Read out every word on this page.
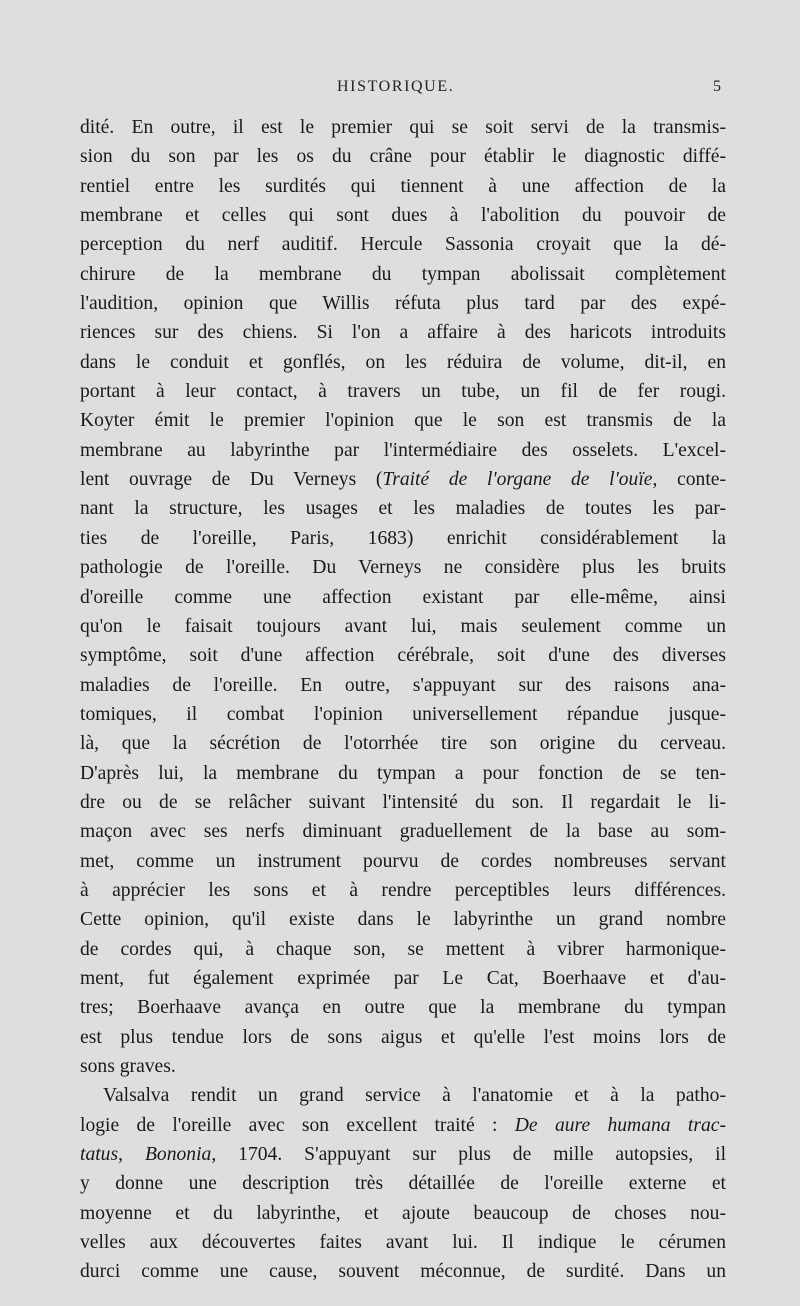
HISTORIQUE.	5
dité. En outre, il est le premier qui se soit servi de la transmis-
sion du son par les os du crâne pour établir le diagnostic diffé-
rentiel entre les surdités qui tiennent à une affection de la
membrane et celles qui sont dues à l'abolition du pouvoir de
perception du nerf auditif. Hercule Sassonia croyait que la dé-
chirure de la membrane du tympan abolissait complètement
l'audition, opinion que Willis réfuta plus tard par des expé-
riences sur des chiens. Si l'on a affaire à des haricots introduits
dans le conduit et gonflés, on les réduira de volume, dit-il, en
portant à leur contact, à travers un tube, un fil de fer rougi.
Koyter émit le premier l'opinion que le son est transmis de la
membrane au labyrinthe par l'intermédiaire des osselets. L'excel-
lent ouvrage de Du Verneys (Traité de l'organe de l'ouïe, conte-
nant la structure, les usages et les maladies de toutes les par-
ties de l'oreille, Paris, 1683) enrichit considérablement la
pathologie de l'oreille. Du Verneys ne considère plus les bruits
d'oreille comme une affection existant par elle-même, ainsi
qu'on le faisait toujours avant lui, mais seulement comme un
symptôme, soit d'une affection cérébrale, soit d'une des diverses
maladies de l'oreille. En outre, s'appuyant sur des raisons ana-
tomiques, il combat l'opinion universellement répandue jusque-
là, que la sécrétion de l'otorrhée tire son origine du cerveau.
D'après lui, la membrane du tympan a pour fonction de se ten-
dre ou de se relâcher suivant l'intensité du son. Il regardait le li-
maçon avec ses nerfs diminuant graduellement de la base au som-
met, comme un instrument pourvu de cordes nombreuses servant
à apprécier les sons et à rendre perceptibles leurs différences.
Cette opinion, qu'il existe dans le labyrinthe un grand nombre
de cordes qui, à chaque son, se mettent à vibrer harmonique-
ment, fut également exprimée par Le Cat, Boerhaave et d'au-
tres; Boerhaave avança en outre que la membrane du tympan
est plus tendue lors de sons aigus et qu'elle l'est moins lors de
sons graves.
Valsalva rendit un grand service à l'anatomie et à la patho-
logie de l'oreille avec son excellent traité : De aure humana trac-
tatus, Bononia, 1704. S'appuyant sur plus de mille autopsies, il
y donne une description très détaillée de l'oreille externe et
moyenne et du labyrinthe, et ajoute beaucoup de choses nou-
velles aux découvertes faites avant lui. Il indique le cérumen
durci comme une cause, souvent méconnue, de surdité. Dans un
